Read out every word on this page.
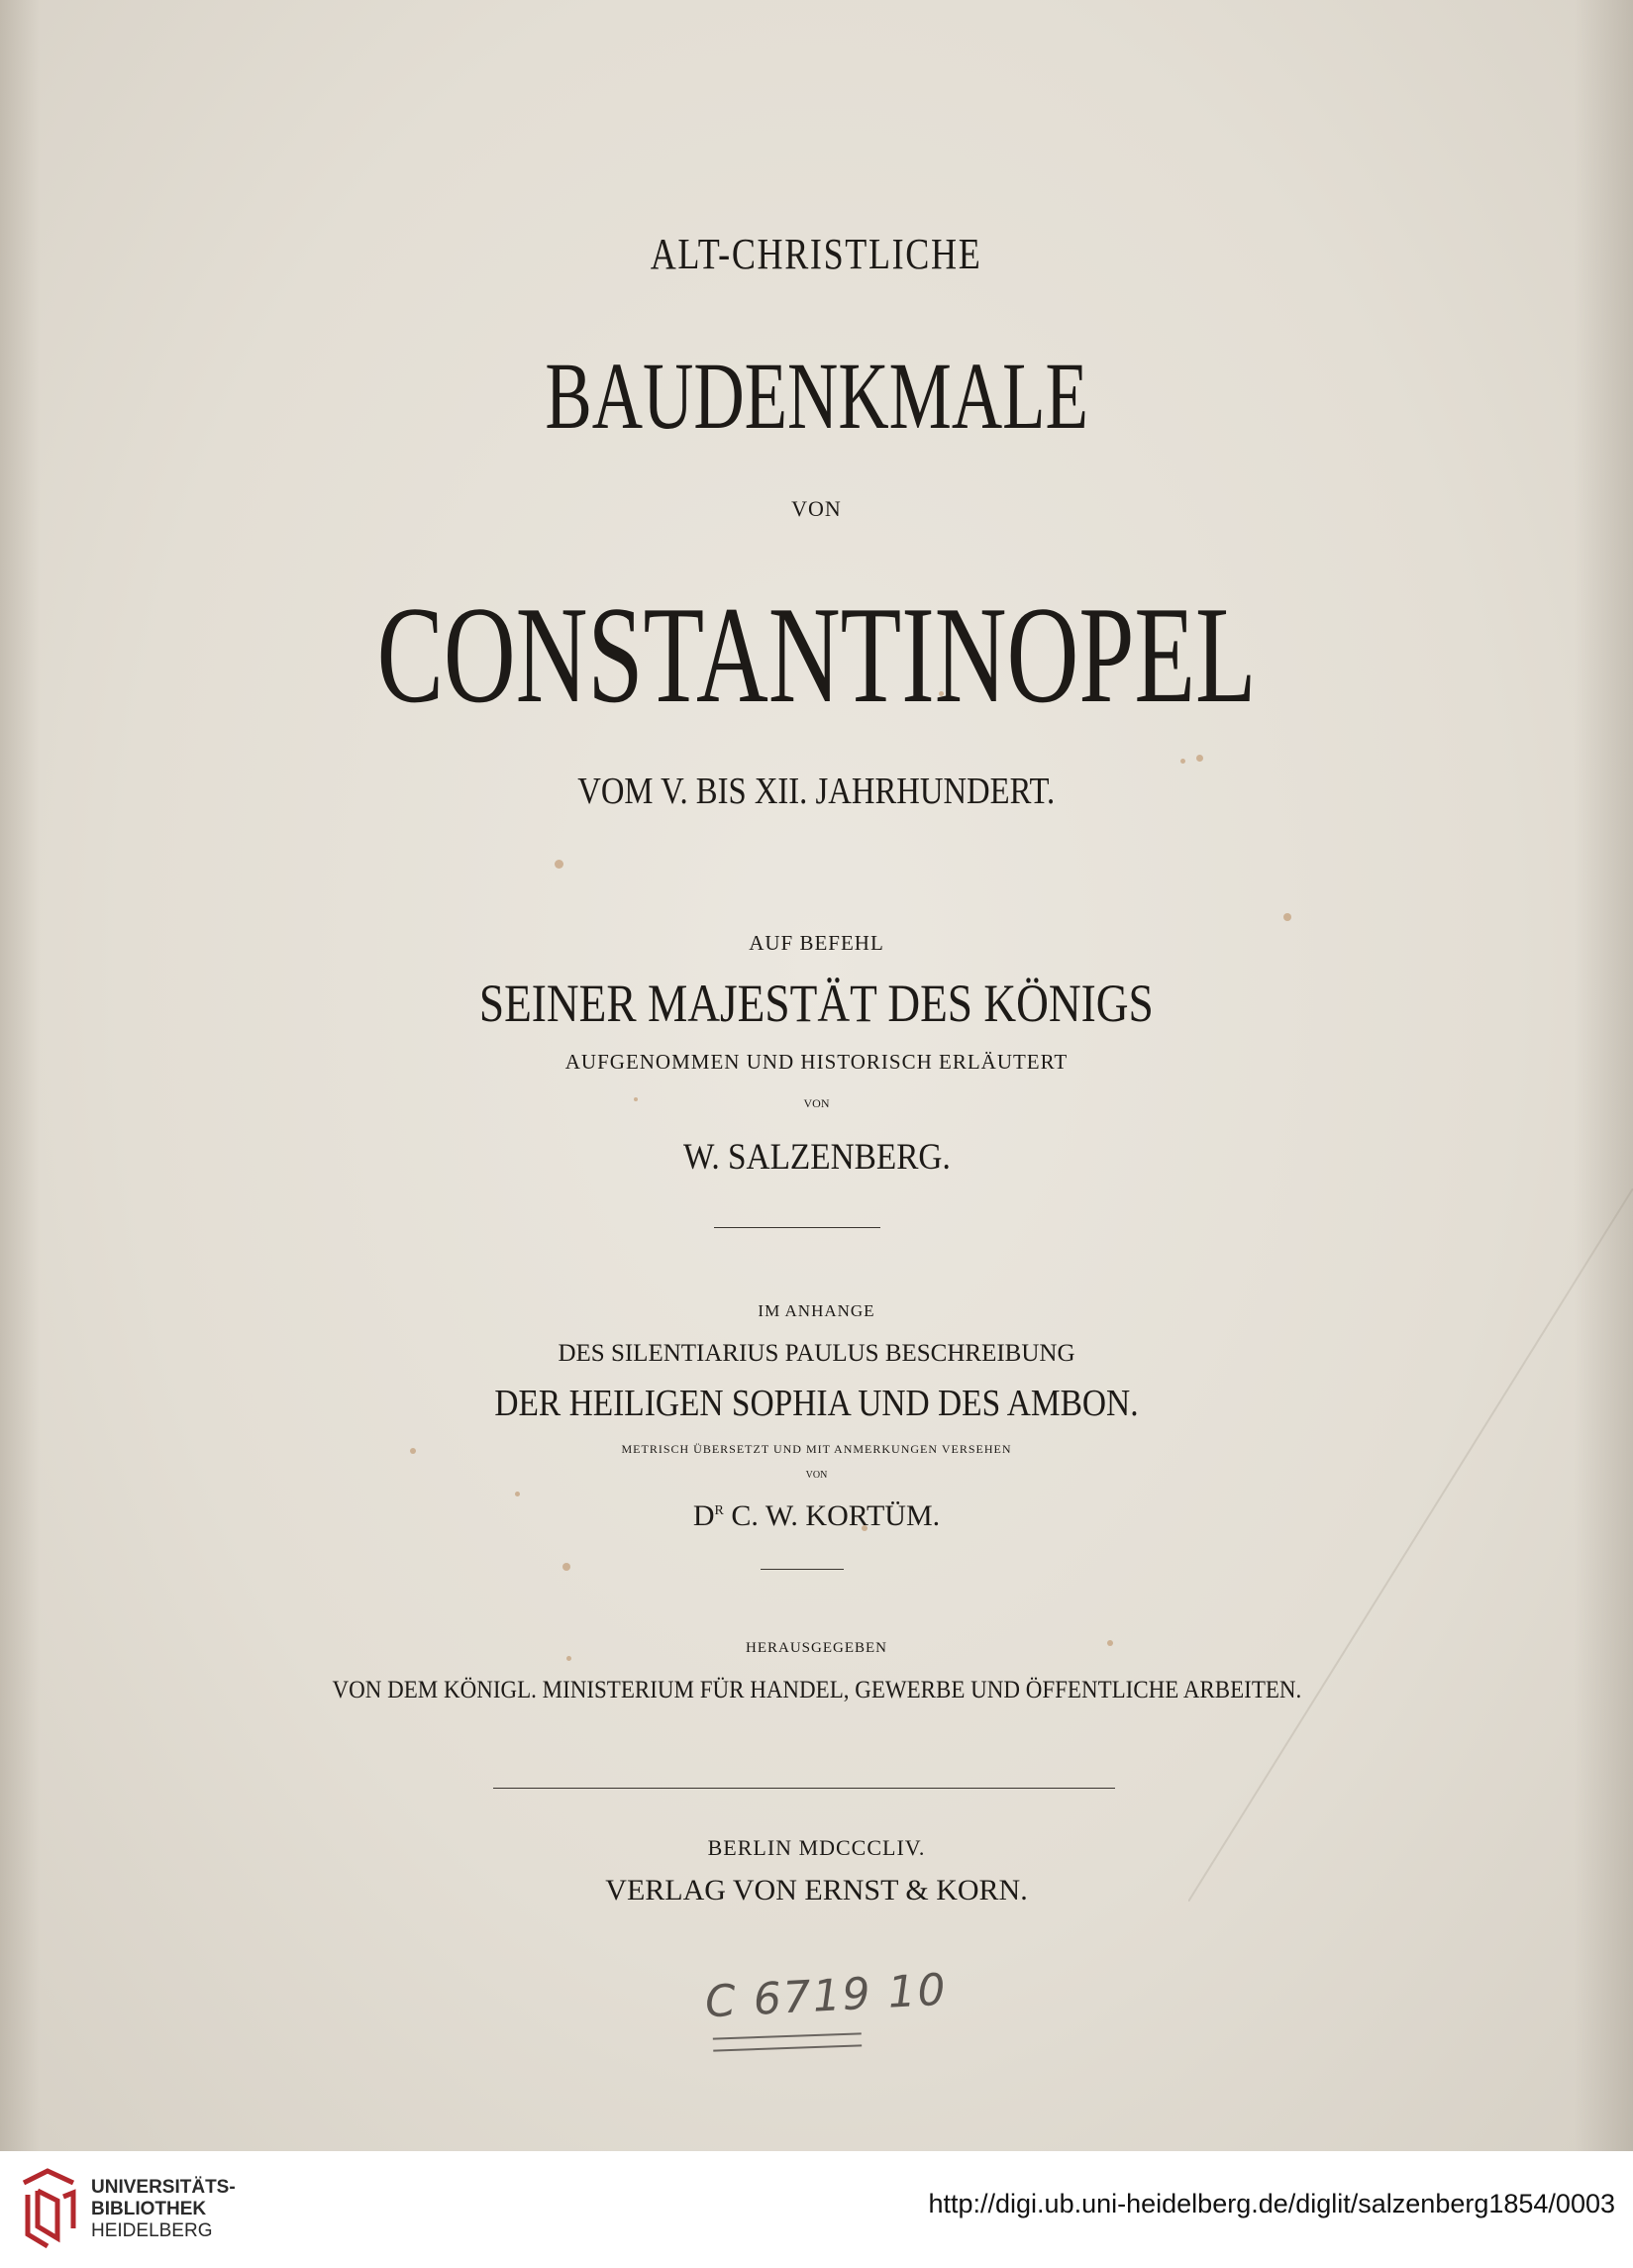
ALT-CHRISTLICHE
BAUDENKMALE
VON
CONSTANTINOPEL
VOM V. BIS XII. JAHRHUNDERT.
AUF BEFEHL
SEINER MAJESTÄT DES KÖNIGS
AUFGENOMMEN UND HISTORISCH ERLÄUTERT
VON
W. SALZENBERG.
IM ANHANGE
DES SILENTIARIUS PAULUS BESCHREIBUNG
DER HEILIGEN SOPHIA UND DES AMBON.
METRISCH ÜBERSETZT UND MIT ANMERKUNGEN VERSEHEN
VON
$D^R$ C. W. KORTÜM.
HERAUSGEGEBEN
VON DEM KÖNIGL. MINISTERIUM FÜR HANDEL, GEWERBE UND ÖFFENTLICHE ARBEITEN.
BERLIN MDCCCLIV.
VERLAG VON ERNST & KORN.
C 6719 10
UNIVERSITÄTS-
BIBLIOTHEK
HEIDELBERG
http://digi.ub.uni-heidelberg.de/diglit/salzenberg1854/0003
